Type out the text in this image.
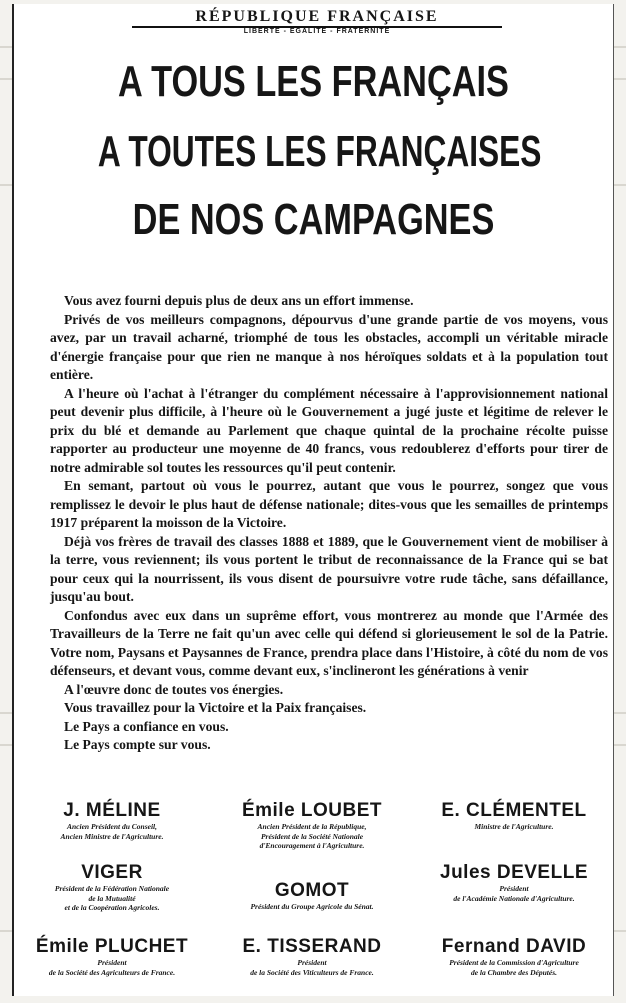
RÉPUBLIQUE FRANÇAISE
LIBERTÉ - ÉGALITÉ - FRATERNITÉ
A TOUS LES FRANÇAIS
A TOUTES LES FRANÇAISES
DE NOS CAMPAGNES

Vous avez fourni depuis plus de deux ans un effort immense.

Privés de vos meilleurs compagnons, dépourvus d'une grande partie de vos moyens, vous avez, par un travail acharné, triomphé de tous les obstacles, accompli un véritable miracle d'énergie française pour que rien ne manque à nos héroïques soldats et à la population tout entière.

A l'heure où l'achat à l'étranger du complément nécessaire à l'approvisionnement national peut devenir plus difficile, à l'heure où le Gouvernement a jugé juste et légitime de relever le prix du blé et demande au Parlement que chaque quintal de la prochaine récolte puisse rapporter au producteur une moyenne de 40 francs, vous redoublerez d'efforts pour tirer de notre admirable sol toutes les ressources qu'il peut contenir.

En semant, partout où vous le pourrez, autant que vous le pourrez, songez que vous remplissez le devoir le plus haut de défense nationale; dites-vous que les semailles de printemps 1917 préparent la moisson de la Victoire.

Déjà vos frères de travail des classes 1888 et 1889, que le Gouvernement vient de mobiliser à la terre, vous reviennent; ils vous portent le tribut de reconnaissance de la France qui se bat pour ceux qui la nourrissent, ils vous disent de poursuivre votre rude tâche, sans défaillance, jusqu'au bout.

Confondus avec eux dans un suprême effort, vous montrerez au monde que l'Armée des Travailleurs de la Terre ne fait qu'un avec celle qui défend si glorieusement le sol de la Patrie. Votre nom, Paysans et Paysannes de France, prendra place dans l'Histoire, à côté du nom de vos défenseurs, et devant vous, comme devant eux, s'inclineront les générations à venir

A l'œuvre donc de toutes vos énergies.

Vous travaillez pour la Victoire et la Paix françaises.

Le Pays a confiance en vous.

Le Pays compte sur vous.

J. MÉLINE
Ancien Président du Conseil,
Ancien Ministre de l'Agriculture.
Émile LOUBET
Ancien Président de la République,
Président de la Société Nationale
d'Encouragement à l'Agriculture.
E. CLÉMENTEL
Ministre de l'Agriculture.
VIGER
Président de la Fédération Nationale
de la Mutualité
et de la Coopération Agricoles.
GOMOT
Président du Groupe Agricole du Sénat.
Jules DEVELLE
Président
de l'Académie Nationale d'Agriculture.
Émile PLUCHET
Président
de la Société des Agriculteurs de France.
E. TISSERAND
Président
de la Société des Viticulteurs de France.
Fernand DAVID
Président de la Commission d'Agriculture
de la Chambre des Députés.
